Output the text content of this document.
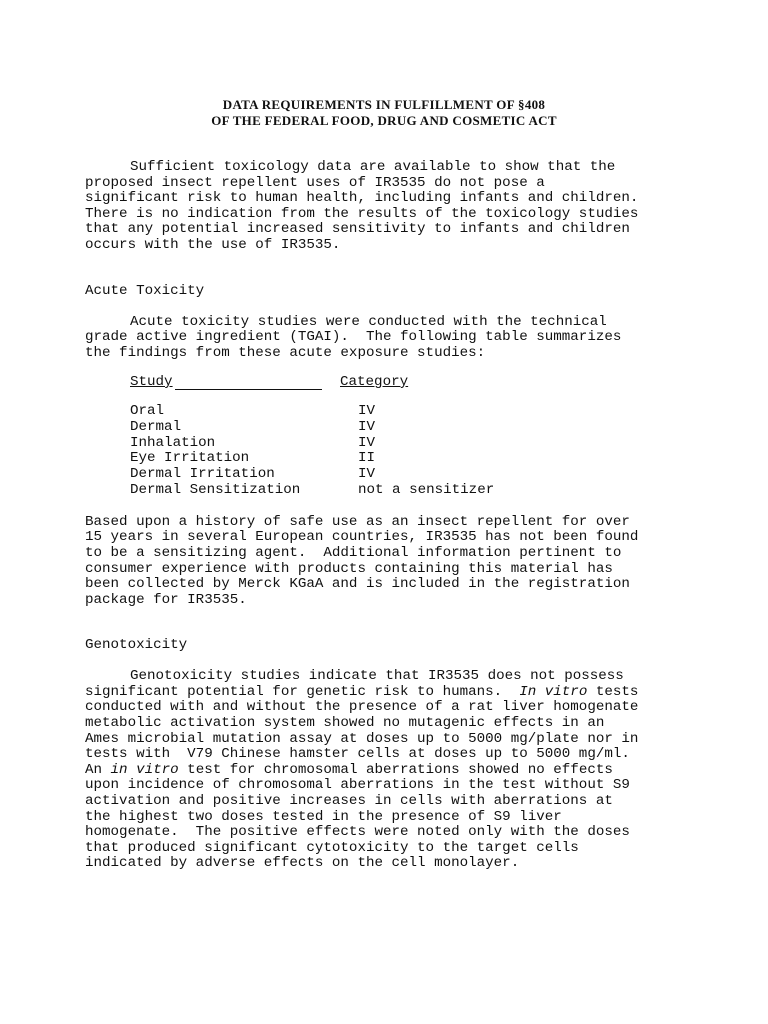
DATA REQUIREMENTS IN FULFILLMENT OF §408
OF THE FEDERAL FOOD, DRUG AND COSMETIC ACT
Sufficient toxicology data are available to show that the
proposed insect repellent uses of IR3535 do not pose a
significant risk to human health, including infants and children.
There is no indication from the results of the toxicology studies
that any potential increased sensitivity to infants and children
occurs with the use of IR3535.
Acute Toxicity
Acute toxicity studies were conducted with the technical
grade active ingredient (TGAI).  The following table summarizes
the findings from these acute exposure studies:
Study	Category
Oral	IV
Dermal	IV
Inhalation	IV
Eye Irritation	II
Dermal Irritation	IV
Dermal Sensitization	not a sensitizer
Based upon a history of safe use as an insect repellent for over
15 years in several European countries, IR3535 has not been found
to be a sensitizing agent.  Additional information pertinent to
consumer experience with products containing this material has
been collected by Merck KGaA and is included in the registration
package for IR3535.
Genotoxicity
Genotoxicity studies indicate that IR3535 does not possess
significant potential for genetic risk to humans.  In vitro tests
conducted with and without the presence of a rat liver homogenate
metabolic activation system showed no mutagenic effects in an
Ames microbial mutation assay at doses up to 5000 mg/plate nor in
tests with  V79 Chinese hamster cells at doses up to 5000 mg/ml.
An in vitro test for chromosomal aberrations showed no effects
upon incidence of chromosomal aberrations in the test without S9
activation and positive increases in cells with aberrations at
the highest two doses tested in the presence of S9 liver
homogenate.  The positive effects were noted only with the doses
that produced significant cytotoxicity to the target cells
indicated by adverse effects on the cell monolayer.
